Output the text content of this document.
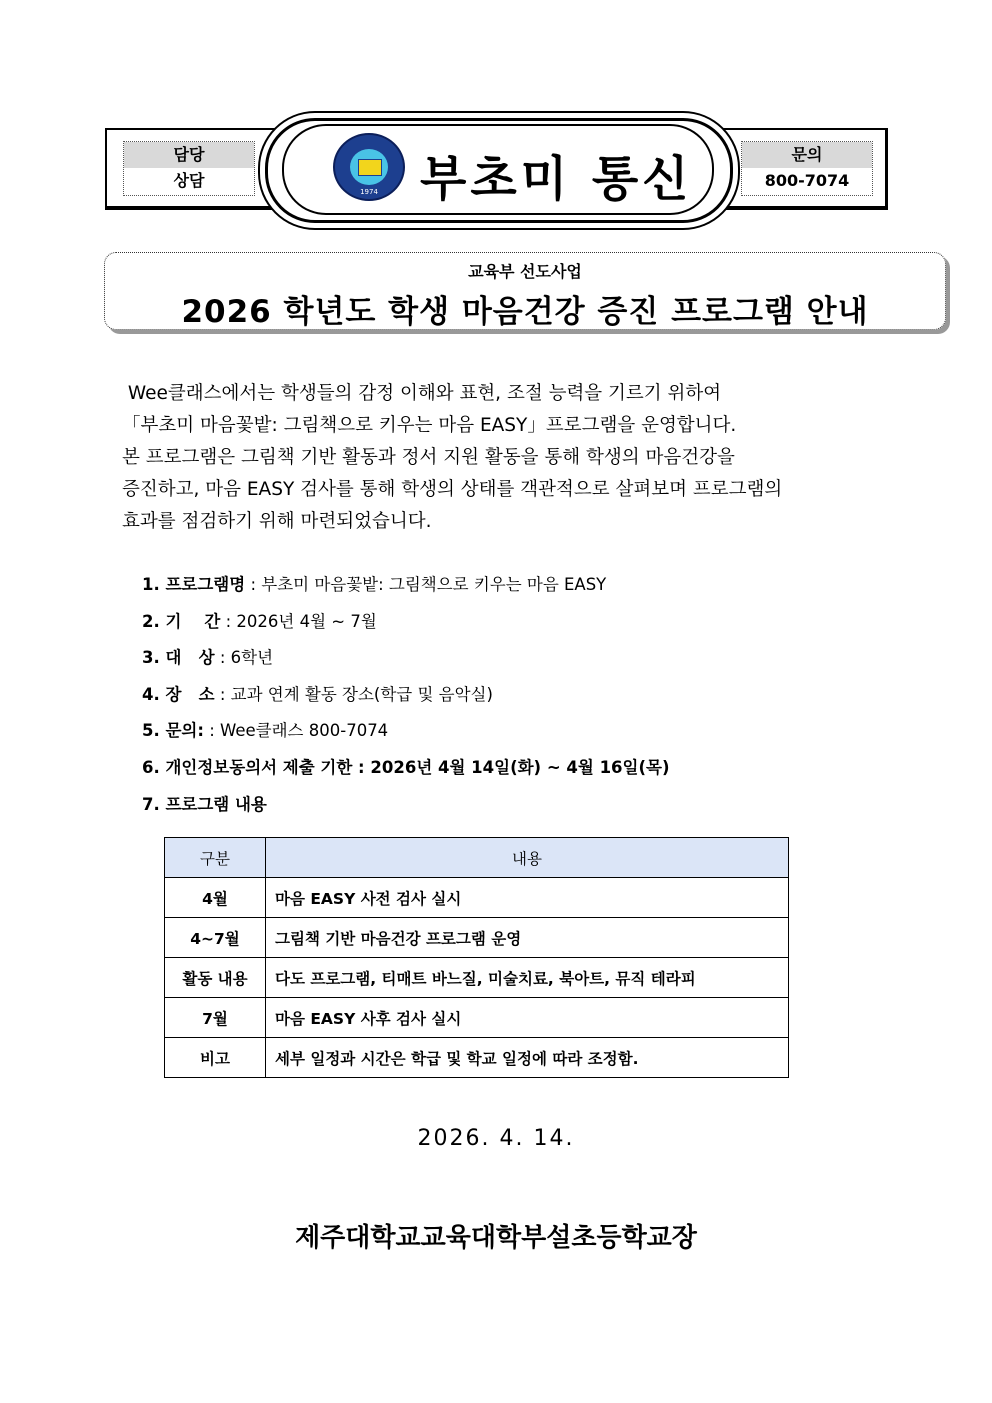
담당
상담
문의
800-7074
1974 부초미 통신
교육부 선도사업
2026 학년도 학생 마음건강 증진 프로그램 안내

Wee클래스에서는 학생들의 감정 이해와 표현, 조절 능력을 기르기 위하여

「부초미 마음꽃밭: 그림책으로 키우는 마음 EASY」프로그램을 운영합니다.

본 프로그램은 그림책 기반 활동과 정서 지원 활동을 통해 학생의 마음건강을

증진하고, 마음 EASY 검사를 통해 학생의 상태를 객관적으로 살펴보며 프로그램의

효과를 점검하기 위해 마련되었습니다.

1. 프로그램명 : 부초미 마음꽃밭: 그림책으로 키우는 마음 EASY
2. 기    간 : 2026년 4월 ~ 7월
3. 대   상 : 6학년
4. 장   소 : 교과 연계 활동 장소(학급 및 음악실)
5. 문의: : Wee클래스 800-7074
6. 개인정보동의서 제출 기한 : 2026년 4월 14일(화) ~ 4월 16일(목)
7. 프로그램 내용
구분	내용
4월	마음 EASY 사전 검사 실시
4~7월	그림책 기반 마음건강 프로그램 운영
활동 내용	다도 프로그램, 티매트 바느질, 미술치료, 북아트, 뮤직 테라피
7월	마음 EASY 사후 검사 실시
비고	세부 일정과 시간은 학급 및 학교 일정에 따라 조정함.
2026. 4. 14.
제주대학교교육대학부설초등학교장
